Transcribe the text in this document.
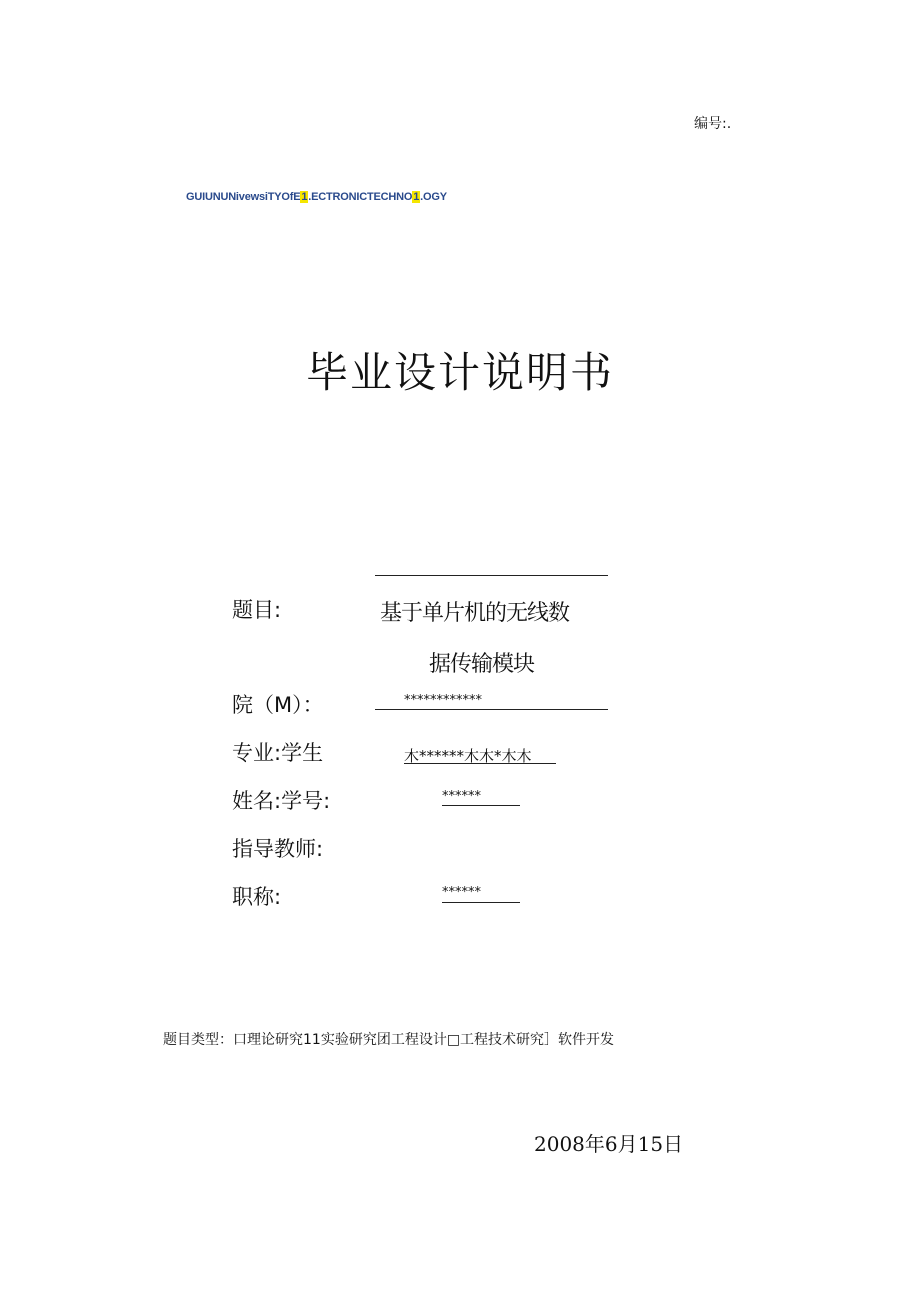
编号:.
GUIUNUNivewsiTYOfE1.ECTRONICTECHNO1.OGY
毕业设计说明书
题目:	基于单片机的无线数
据传输模块
院（M）：	************
专业:学生	木******木木*木木
姓名:学号:	******
指导教师:
职称:	******
题目类型：口理论研究11实验研究团工程设计□工程技术研究］软件开发
2008年6月15日
